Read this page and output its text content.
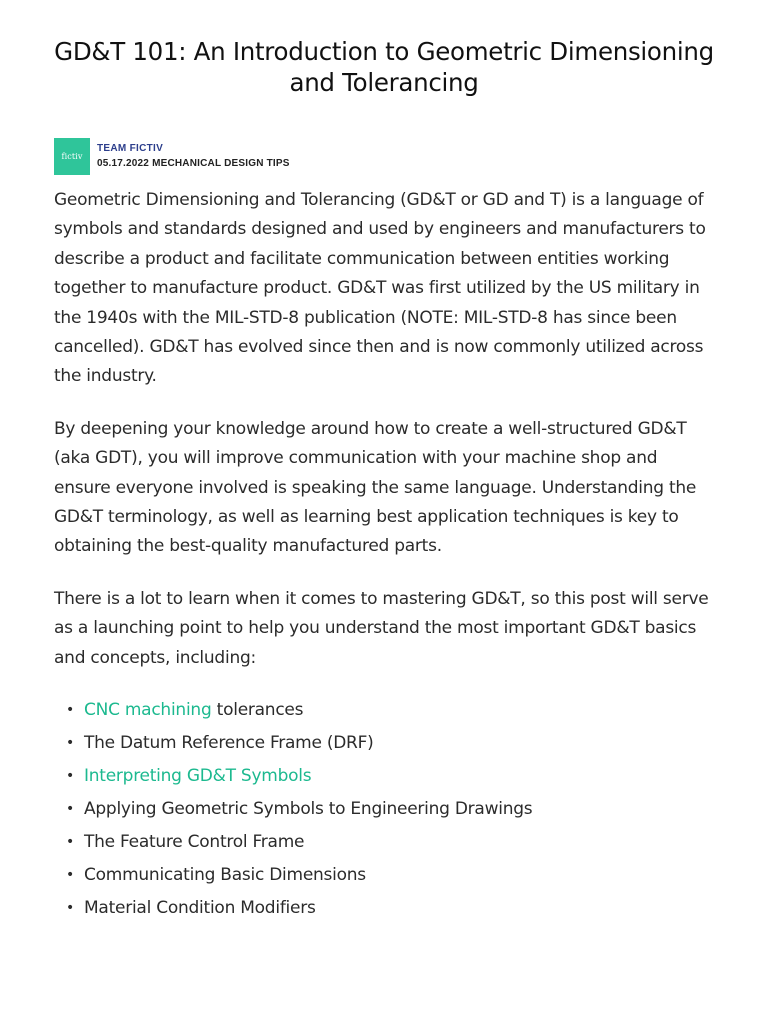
GD&T 101: An Introduction to Geometric Dimensioning and Tolerancing
fictiv
TEAM FICTIV
05.17.2022 MECHANICAL DESIGN TIPS

Geometric Dimensioning and Tolerancing (GD&T or GD and T) is a language of symbols and standards designed and used by engineers and manufacturers to describe a product and facilitate communication between entities working together to manufacture product. GD&T was first utilized by the US military in the 1940s with the MIL-STD-8 publication (NOTE: MIL-STD-8 has since been cancelled). GD&T has evolved since then and is now commonly utilized across the industry.

By deepening your knowledge around how to create a well-structured GD&T (aka GDT), you will improve communication with your machine shop and ensure everyone involved is speaking the same language. Understanding the GD&T terminology, as well as learning best application techniques is key to obtaining the best-quality manufactured parts.

There is a lot to learn when it comes to mastering GD&T, so this post will serve as a launching point to help you understand the most important GD&T basics and concepts, including:

• CNC machining tolerances
• The Datum Reference Frame (DRF)
• Interpreting GD&T Symbols
• Applying Geometric Symbols to Engineering Drawings
• The Feature Control Frame
• Communicating Basic Dimensions
• Material Condition Modifiers
